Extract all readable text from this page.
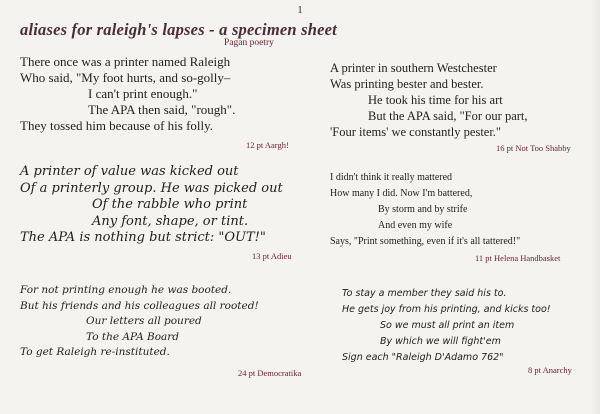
1
aliases for raleigh's lapses - a specimen sheet
Pagan poetry
There once was a printer named Raleigh
Who said, "My foot hurts, and so-golly–
I can't print enough."
The APA then said, "rough".
They tossed him because of his folly.
12 pt Aargh!
A printer of value was kicked out
Of a printerly group. He was picked out
Of the rabble who print
Any font, shape, or tint.
The APA is nothing but strict: "OUT!"
13 pt Adieu
For not printing enough he was booted.
But his friends and his colleagues all rooted!
Our letters all poured
To the APA Board
To get Raleigh re-instituted.
24 pt Democratika
A printer in southern Westchester
Was printing bester and bester.
He took his time for his art
But the APA said, "For our part,
'Four items' we constantly pester."
16 pt Not Too Shabby
I didn't think it really mattered
How many I did. Now I'm battered,
By storm and by strife
And even my wife
Says, "Print something, even if it's all tattered!"
11 pt Helena Handbasket
To stay a member they said his to.
He gets joy from his printing, and kicks too!
So we must all print an item
By which we will fight'em
Sign each "Raleigh D'Adamo 762"
8 pt Anarchy
